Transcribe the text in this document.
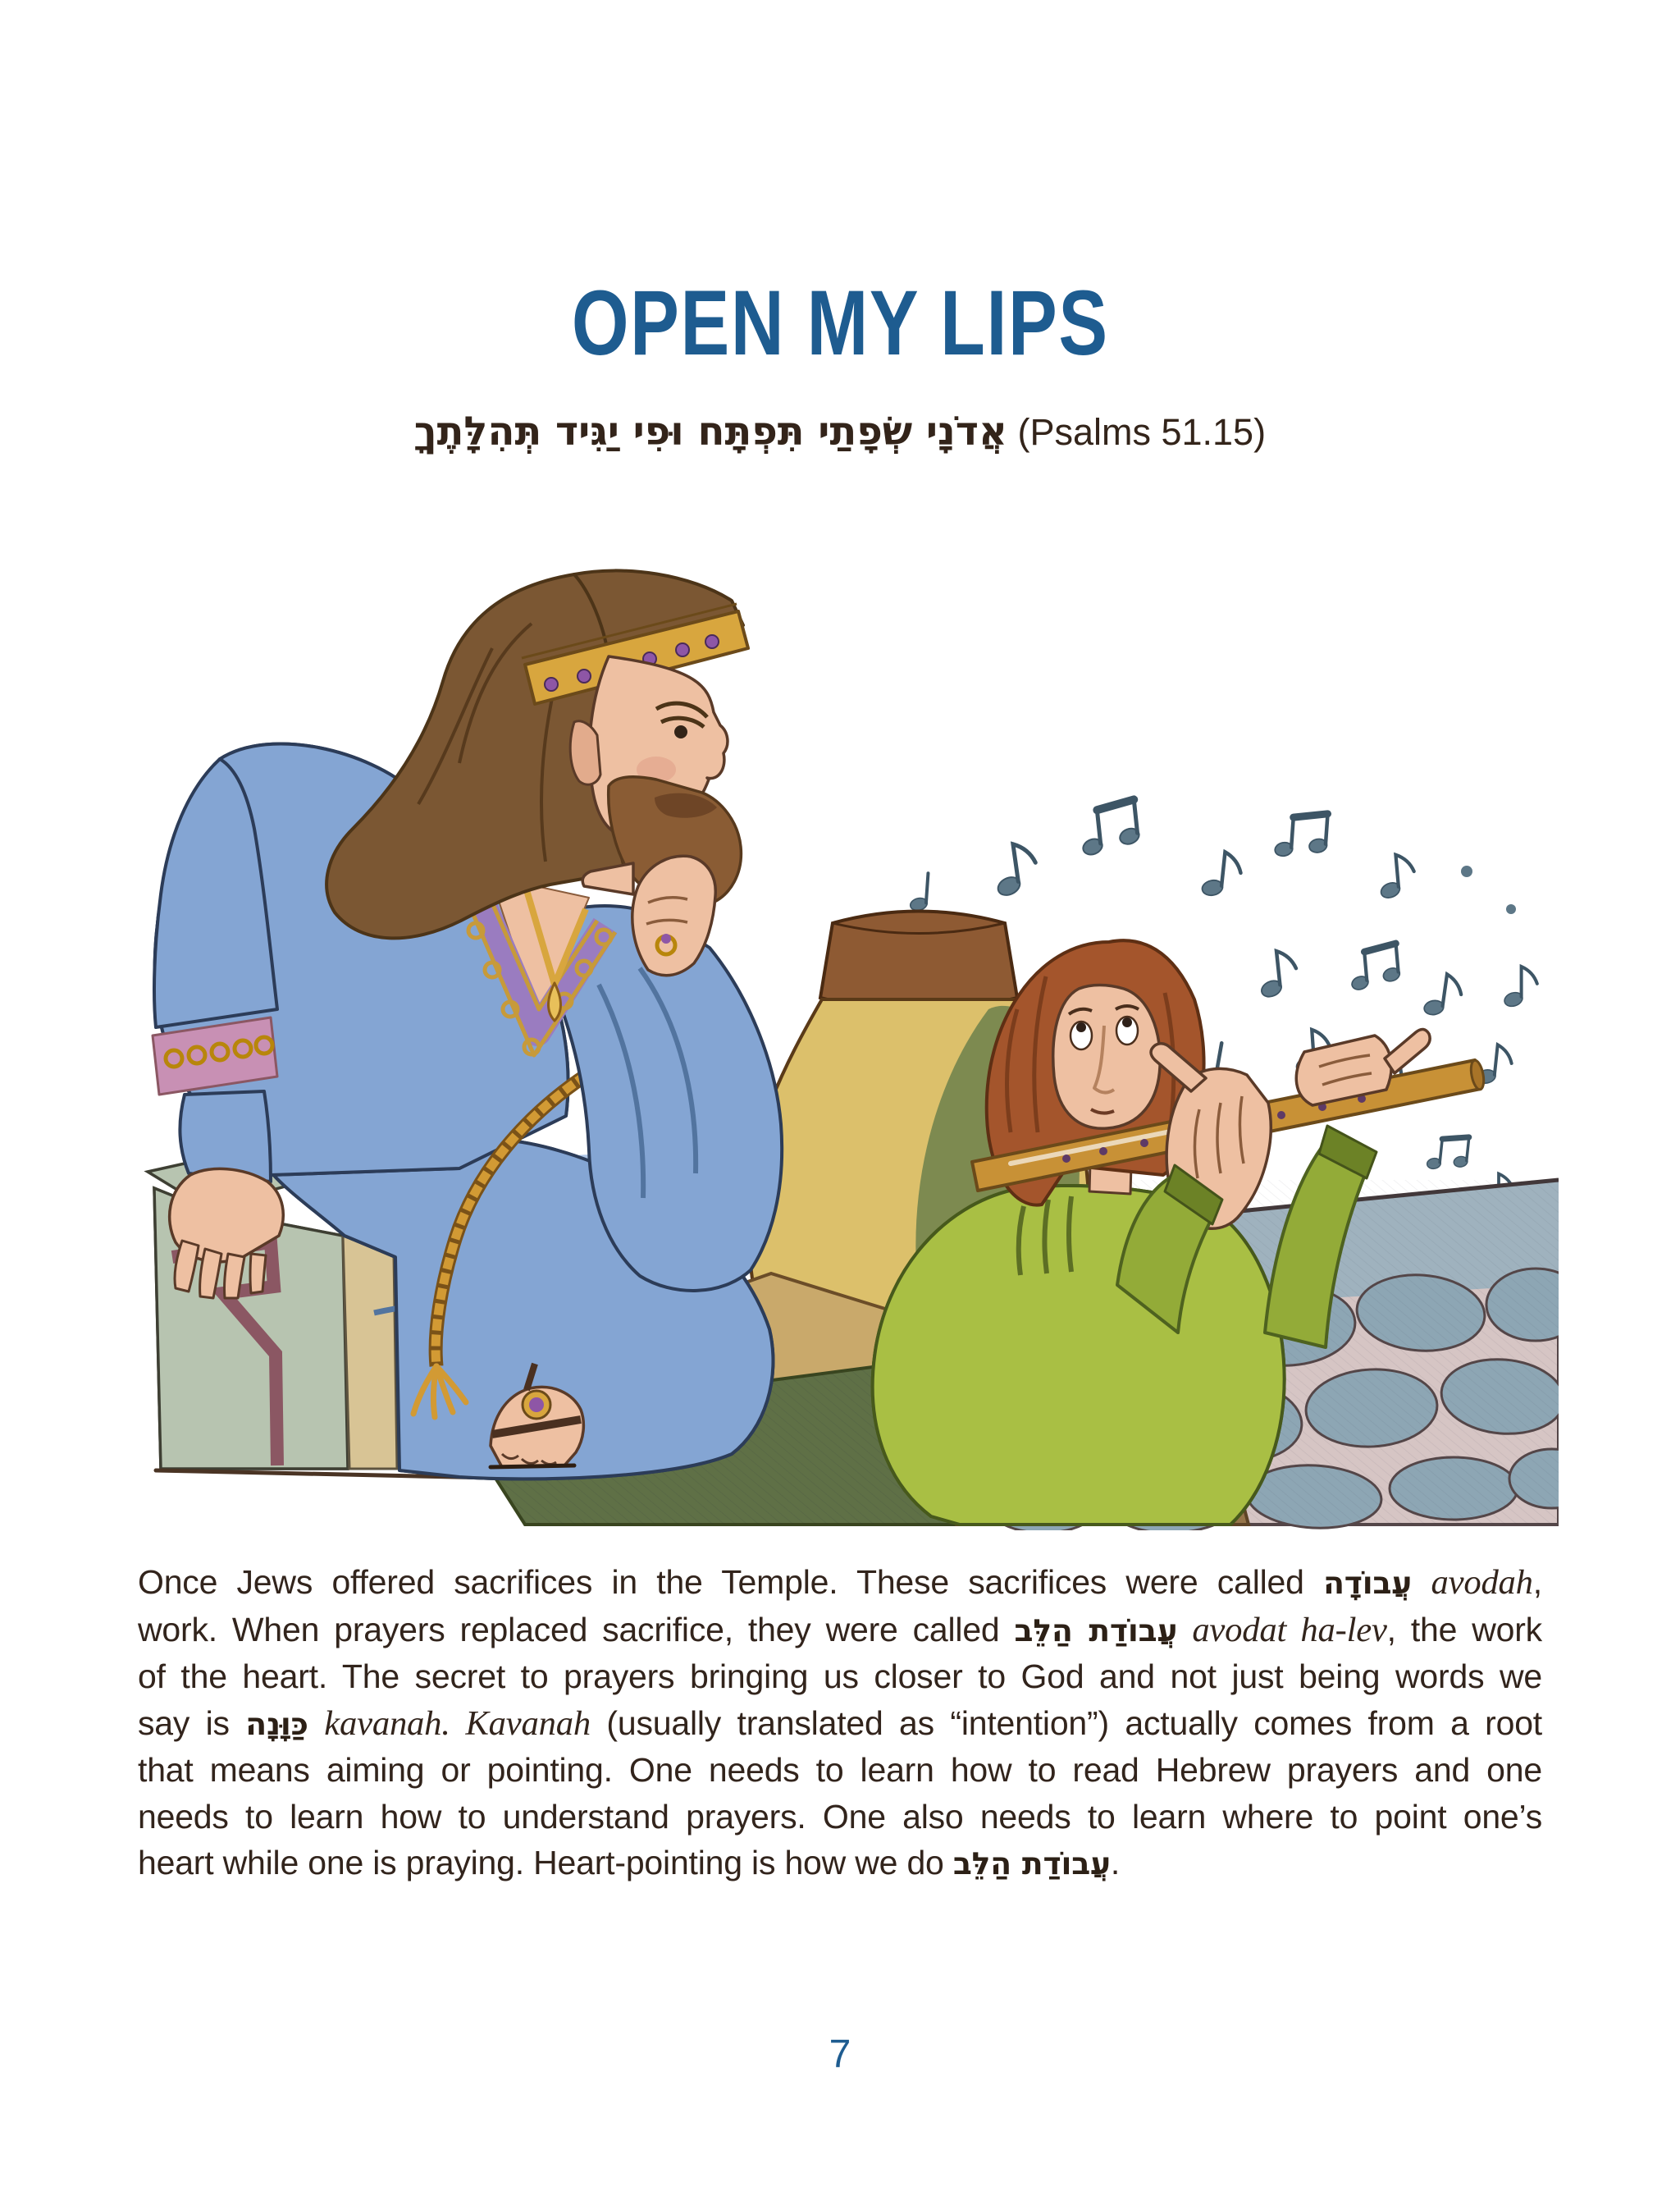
OPEN MY LIPS
אֲדֹנָי שְׂפָתַי תִּפְתָּח וּפִי יַגִּיד תְּהִלָּתֶךָ (Psalms 51.15)
Once Jews offered sacrifices in the Temple. These sacrifices were called עֲבוֹדָה avodah,
work. When prayers replaced sacrifice, they were called עֲבוֹדַת הַלֵּב avodat ha-lev, the work
of the heart. The secret to prayers bringing us closer to God and not just being words we
say is כַּוָּנָה kavanah. Kavanah (usually translated as “intention”) actually comes from a root
that means aiming or pointing. One needs to learn how to read Hebrew prayers and one
needs to learn how to understand prayers. One also needs to learn where to point one’s
heart while one is praying. Heart-pointing is how we do עֲבוֹדַת הַלֵּב.
7
